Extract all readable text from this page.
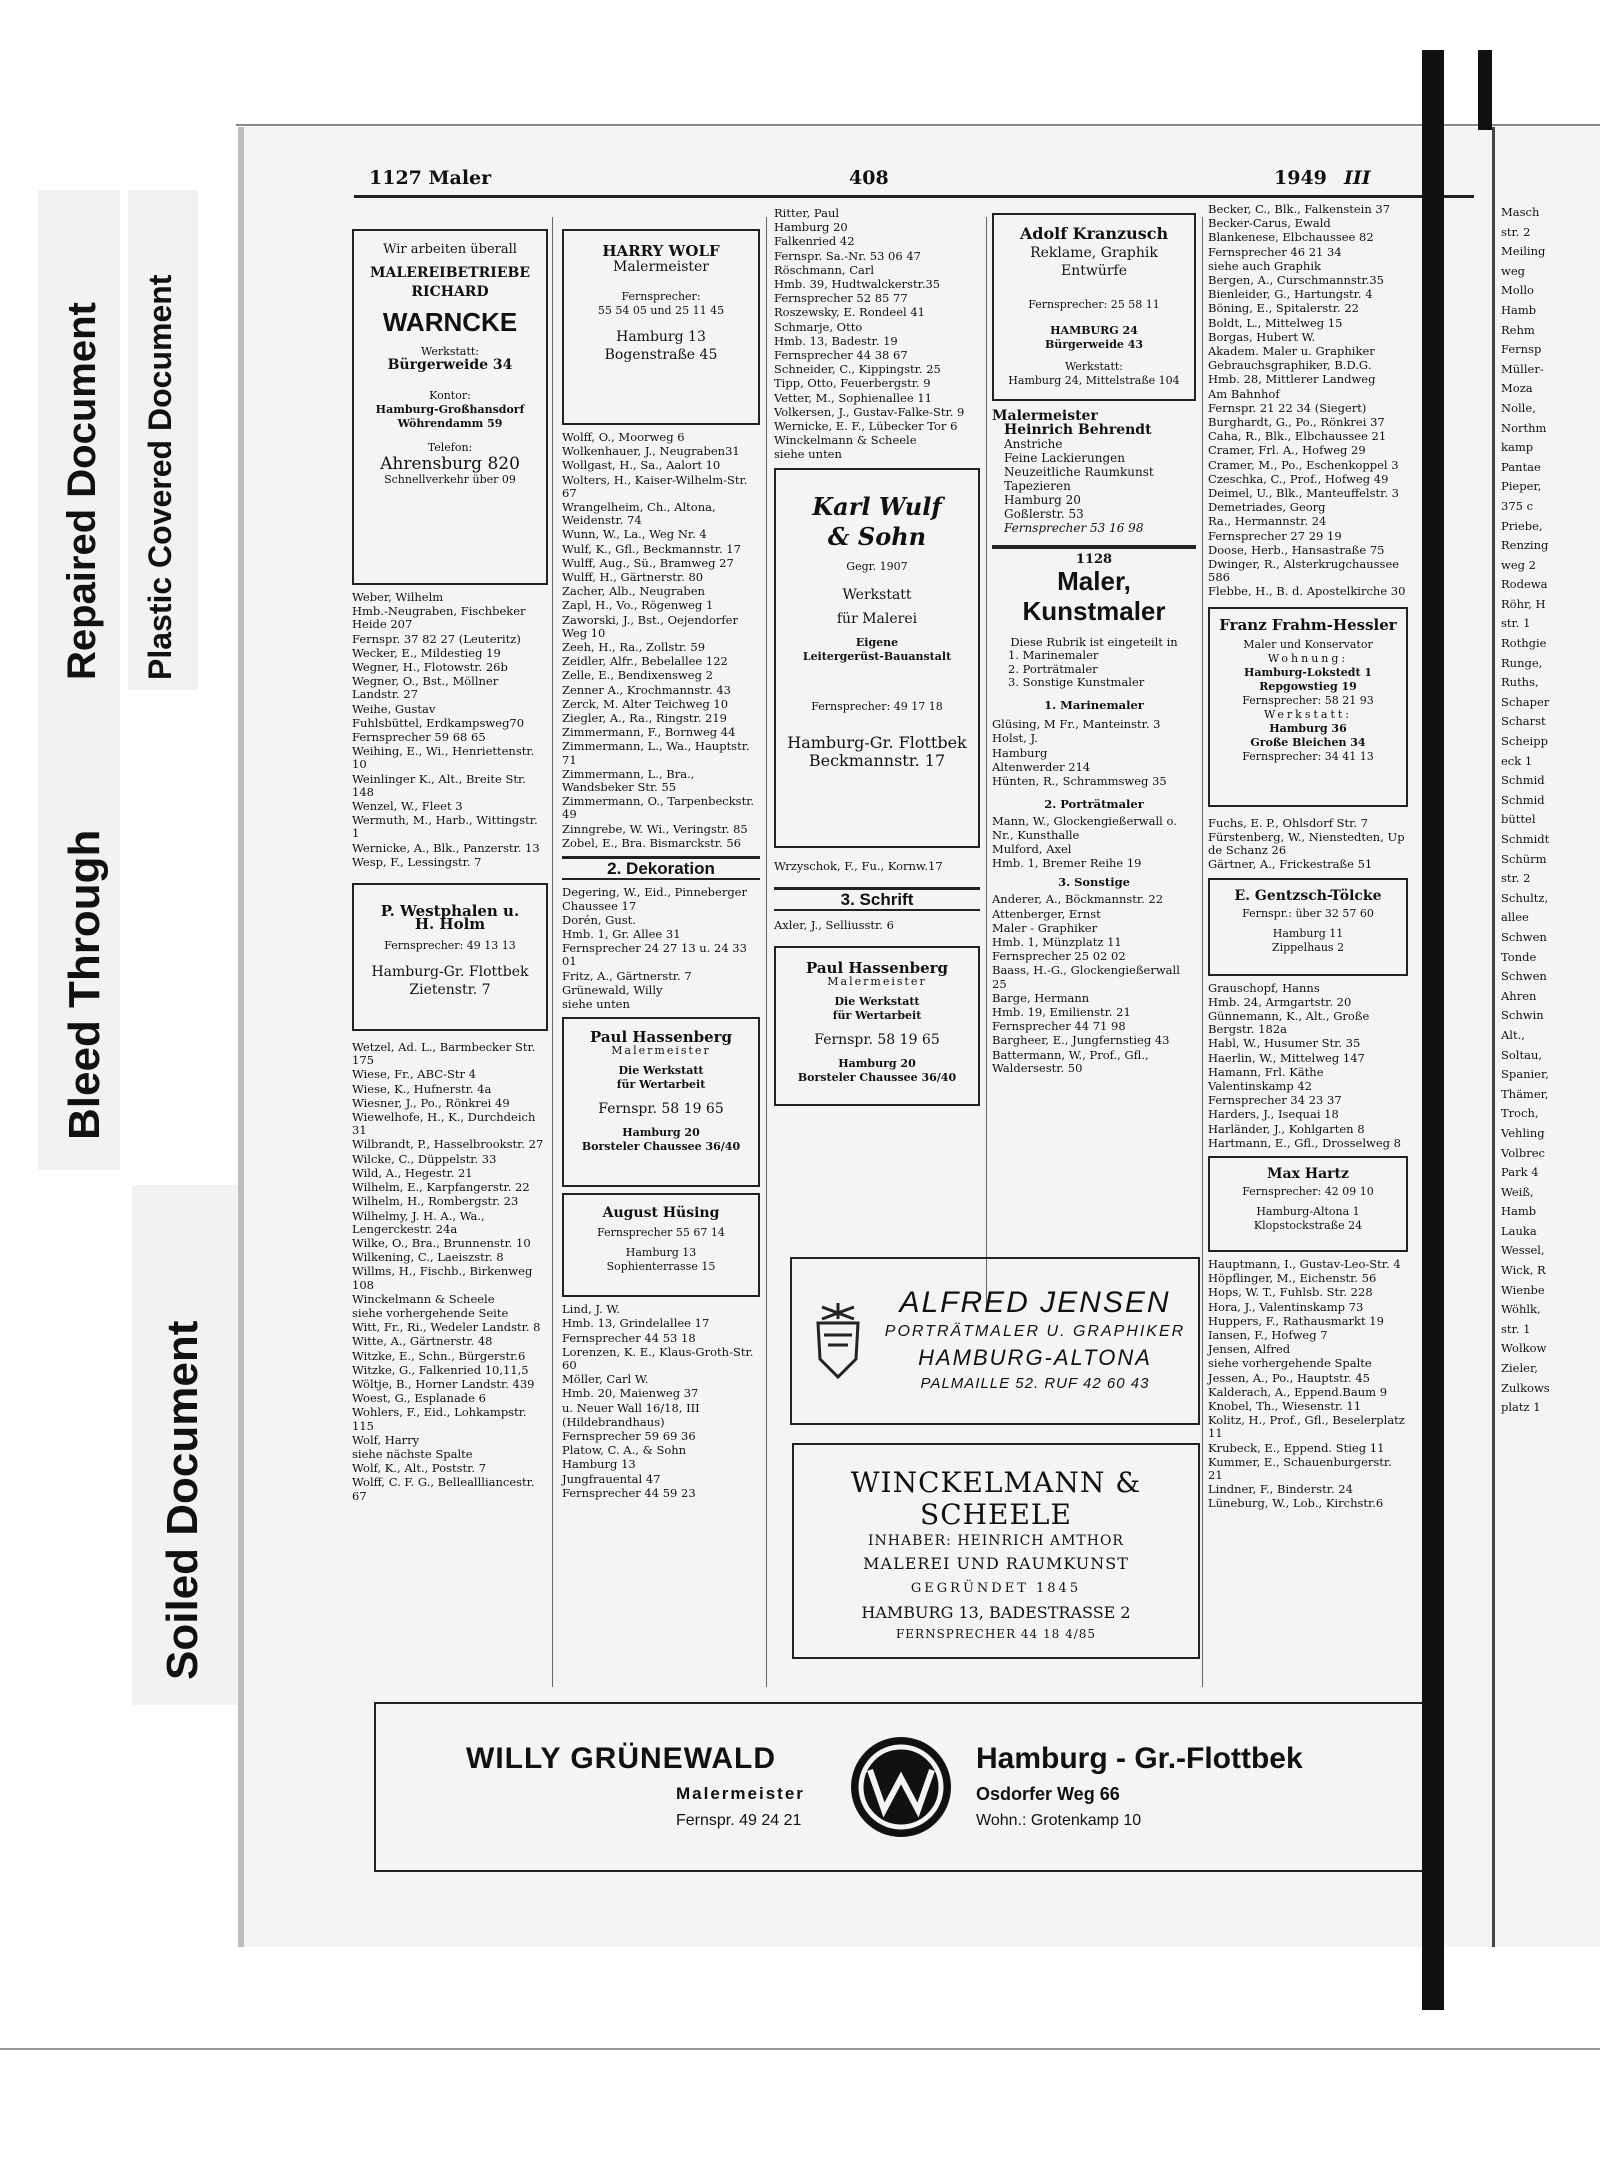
Bleed Through
Repaired Document Plastic Covered Document
Soiled Document
1127 Maler	408	1949 III
Wir arbeiten überall
MALEREIBETRIEBE
RICHARD
WARNCKE
Werkstatt:
Bürgerweide 34
Kontor:
Hamburg-Großhansdorf
Wöhrendamm 59
Telefon:
Ahrensburg 820
Schnellverkehr über 09
Weber, Wilhelm
Hmb.-Neugraben, Fischbeker Heide 207
Fernspr. 37 82 27 (Leuteritz)
Wecker, E., Mildestieg 19
Wegner, H., Flotowstr. 26b
Wegner, O., Bst., Möllner Landstr. 27
Weihe, Gustav
Fuhlsbüttel, Erdkampsweg70
Fernsprecher 59 68 65
Weihing, E., Wi., Henriettenstr. 10
Weinlinger K., Alt., Breite Str. 148
Wenzel, W., Fleet 3
Wermuth, M., Harb., Wittingstr. 1
Wernicke, A., Blk., Panzerstr. 13
Wesp, F., Lessingstr. 7
P. Westphalen u.
H. Holm
Fernsprecher: 49 13 13
Hamburg-Gr. Flottbek
Zietenstr. 7
Wetzel, Ad. L., Barmbecker Str. 175
Wiese, Fr., ABC-Str 4
Wiese, K., Hufnerstr. 4a
Wiesner, J., Po., Rönkrei 49
Wiewelhofe, H., K., Durchdeich 31
Wilbrandt, P., Hasselbrookstr. 27
Wilcke, C., Düppelstr. 33
Wild, A., Hegestr. 21
Wilhelm, E., Karpfangerstr. 22
Wilhelm, H., Rombergstr. 23
Wilhelmy, J. H. A., Wa., Lengerckestr. 24a
Wilke, O., Bra., Brunnenstr. 10
Wilkening, C., Laeiszstr. 8
Willms, H., Fischb., Birkenweg 108
Winckelmann & Scheele
siehe vorhergehende Seite
Witt, Fr., Ri., Wedeler Landstr. 8
Witte, A., Gärtnerstr. 48
Witzke, E., Schn., Bürgerstr.6
Witzke, G., Falkenried 10,11,5
Wöltje, B., Horner Landstr. 439
Woest, G., Esplanade 6
Wohlers, F., Eid., Lohkampstr. 115
Wolf, Harry
siehe nächste Spalte
Wolf, K., Alt., Poststr. 7
Wolff, C. F. G., Belleallliancestr. 67
HARRY WOLF
Malermeister
Fernsprecher:
55 54 05 und 25 11 45
Hamburg 13
Bogenstraße 45
Wolff, O., Moorweg 6
Wolkenhauer, J., Neugraben31
Wollgast, H., Sa., Aalort 10
Wolters, H., Kaiser-Wilhelm-Str. 67
Wrangelheim, Ch., Altona, Weidenstr. 74
Wunn, W., La., Weg Nr. 4
Wulf, K., Gfl., Beckmannstr. 17
Wulff, Aug., Sü., Bramweg 27
Wulff, H., Gärtnerstr. 80
Zacher, Alb., Neugraben
Zapl, H., Vo., Rögenweg 1
Zaworski, J., Bst., Oejendorfer Weg 10
Zeeh, H., Ra., Zollstr. 59
Zeidler, Alfr., Bebelallee 122
Zelle, E., Bendixensweg 2
Zenner A., Krochmannstr. 43
Zerck, M. Alter Teichweg 10
Ziegler, A., Ra., Ringstr. 219
Zimmermann, F., Bornweg 44
Zimmermann, L., Wa., Hauptstr. 71
Zimmermann, L., Bra., Wandsbeker Str. 55
Zimmermann, O., Tarpenbeckstr. 49
Zinngrebe, W. Wi., Veringstr. 85
Zobel, E., Bra. Bismarckstr. 56
2. Dekoration
Degering, W., Eid., Pinneberger Chaussee 17
Dorén, Gust.
Hmb. 1, Gr. Allee 31
Fernsprecher 24 27 13 u. 24 33 01
Fritz, A., Gärtnerstr. 7
Grünewald, Willy
siehe unten
Paul Hassenberg
Malermeister
Die Werkstatt
für Wertarbeit
Fernspr. 58 19 65
Hamburg 20
Borsteler Chaussee 36/40
August Hüsing
Fernsprecher 55 67 14
Hamburg 13
Sophienterrasse 15
Lind, J. W.
Hmb. 13, Grindelallee 17
Fernsprecher 44 53 18
Lorenzen, K. E., Klaus-Groth-Str. 60
Möller, Carl W.
Hmb. 20, Maienweg 37
u. Neuer Wall 16/18, III
(Hildebrandhaus)
Fernsprecher 59 69 36
Platow, C. A., & Sohn
Hamburg 13
Jungfrauental 47
Fernsprecher 44 59 23
Ritter, Paul
Hamburg 20
Falkenried 42
Fernspr. Sa.-Nr. 53 06 47
Röschmann, Carl
Hmb. 39, Hudtwalckerstr.35
Fernsprecher 52 85 77
Roszewsky, E. Rondeel 41
Schmarje, Otto
Hmb. 13, Badestr. 19
Fernsprecher 44 38 67
Schneider, C., Kippingstr. 25
Tipp, Otto, Feuerbergstr. 9
Vetter, M., Sophienallee 11
Volkersen, J., Gustav-Falke-Str. 9
Wernicke, E. F., Lübecker Tor 6
Winckelmann & Scheele
siehe unten
Karl Wulf
& Sohn
Gegr. 1907
Werkstatt
für Malerei
Eigene
Leitergerüst-Bauanstalt
Fernsprecher: 49 17 18
Hamburg-Gr. Flottbek
Beckmannstr. 17
Wrzyschok, F., Fu., Kornw.17
3. Schrift
Axler, J., Selliusstr. 6
Paul Hassenberg
Malermeister
Die Werkstatt
für Wertarbeit
Fernspr. 58 19 65
Hamburg 20
Borsteler Chaussee 36/40
Adolf Kranzusch
Reklame, Graphik
Entwürfe
Fernsprecher: 25 58 11
HAMBURG 24
Bürgerweide 43
Werkstatt:
Hamburg 24, Mittelstraße 104
Malermeister
Heinrich Behrendt
Anstriche
Feine Lackierungen
Neuzeitliche Raumkunst
Tapezieren
Hamburg 20
Goßlerstr. 53
Fernsprecher 53 16 98
1128
Maler,
Kunstmaler
Diese Rubrik ist eingeteilt in
1. Marinemaler
2. Porträtmaler
3. Sonstige Kunstmaler
1. Marinemaler
Glüsing, M Fr., Manteinstr. 3
Holst, J.
Hamburg
Altenwerder 214
Hünten, R., Schrammsweg 35
2. Porträtmaler
Mann, W., Glockengießerwall o. Nr., Kunsthalle
Mulford, Axel
Hmb. 1, Bremer Reihe 19
3. Sonstige
Anderer, A., Böckmannstr. 22
Attenberger, Ernst
Maler - Graphiker
Hmb. 1, Münzplatz 11
Fernsprecher 25 02 02
Baass, H.-G., Glockengießerwall 25
Barge, Hermann
Hmb. 19, Emilienstr. 21
Fernsprecher 44 71 98
Bargheer, E., Jungfernstieg 43
Battermann, W., Prof., Gfl., Waldersestr. 50
Becker, C., Blk., Falkenstein 37
Becker-Carus, Ewald
Blankenese, Elbchaussee 82
Fernsprecher 46 21 34
siehe auch Graphik
Bergen, A., Curschmannstr.35
Bienleider, G., Hartungstr. 4
Böning, E., Spitalerstr. 22
Boldt, L., Mittelweg 15
Borgas, Hubert W.
Akadem. Maler u. Graphiker
Gebrauchsgraphiker, B.D.G.
Hmb. 28, Mittlerer Landweg
Am Bahnhof
Fernspr. 21 22 34 (Siegert)
Burghardt, G., Po., Rönkrei 37
Caha, R., Blk., Elbchaussee 21
Cramer, Frl. A., Hofweg 29
Cramer, M., Po., Eschenkoppel 3
Czeschka, C., Prof., Hofweg 49
Deimel, U., Blk., Manteuffelstr. 3
Demetriades, Georg
Ra., Hermannstr. 24
Fernsprecher 27 29 19
Doose, Herb., Hansastraße 75
Dwinger, R., Alsterkrugchaussee 586
Flebbe, H., B. d. Apostelkirche 30
Franz Frahm-Hessler
Maler und Konservator
Wohnung:
Hamburg-Lokstedt 1
Repgowstieg 19
Fernsprecher: 58 21 93
Werkstatt:
Hamburg 36
Große Bleichen 34
Fernsprecher: 34 41 13
Fuchs, E. P., Ohlsdorf Str. 7
Fürstenberg, W., Nienstedten, Up de Schanz 26
Gärtner, A., Frickestraße 51
E. Gentzsch-Tölcke
Fernspr.: über 32 57 60
Hamburg 11
Zippelhaus 2
Grauschopf, Hanns
Hmb. 24, Armgartstr. 20
Günnemann, K., Alt., Große Bergstr. 182a
Habl, W., Husumer Str. 35
Haerlin, W., Mittelweg 147
Hamann, Frl. Käthe
Valentinskamp 42
Fernsprecher 34 23 37
Harders, J., Isequai 18
Harländer, J., Kohlgarten 8
Hartmann, E., Gfl., Drosselweg 8
Max Hartz
Fernsprecher: 42 09 10
Hamburg-Altona 1
Klopstockstraße 24
Hauptmann, I., Gustav-Leo-Str. 4
Höpflinger, M., Eichenstr. 56
Hops, W. T., Fuhlsb. Str. 228
Hora, J., Valentinskamp 73
Huppers, F., Rathausmarkt 19
Iansen, F., Hofweg 7
Jensen, Alfred
siehe vorhergehende Spalte
Jessen, A., Po., Hauptstr. 45
Kalderach, A., Eppend.Baum 9
Knobel, Th., Wiesenstr. 11
Kolitz, H., Prof., Gfl., Beselerplatz 11
Krubeck, E., Eppend. Stieg 11
Kummer, E., Schauenburgerstr. 21
Lindner, F., Binderstr. 24
Lüneburg, W., Lob., Kirchstr.6
ALFRED JENSEN
PORTRÄTMALER U. GRAPHIKER
HAMBURG-ALTONA
PALMAILLE 52. RUF 42 60 43
WINCKELMANN & SCHEELE
INHABER: HEINRICH AMTHOR
MALEREI UND RAUMKUNST
GEGRÜNDET 1845
HAMBURG 13, BADESTRASSE 2
FERNSPRECHER 44 18 4/85
WILLY GRÜNEWALD
Malermeister
Fernspr. 49 24 21
Hamburg - Gr.-Flottbek
Osdorfer Weg 66
Wohn.: Grotenkamp 10
Masch
str. 2
Meiling
weg
Mollo
Hamb
Rehm
Fernsp
Müller-
Moza
Nolle,
Northm
kamp
Pantae
Pieper,
375 c
Priebe,
Renzing
weg 2
Rodewa
Röhr, H
str. 1
Rothgie
Runge,
Ruths,
Schaper
Scharst
Scheipp
eck 1
Schmid
Schmid
büttel
Schmidt
Schürm
str. 2
Schultz,
allee
Schwen
Tonde
Schwen
Ahren
Schwin
Alt.,
Soltau,
Spanier,
Thämer,
Troch,
Vehling
Volbrec
Park 4
Weiß,
Hamb
Lauka
Wessel,
Wick, R
Wienbe
Wöhlk,
str. 1
Wolkow
Zieler,
Zulkows
platz 1
